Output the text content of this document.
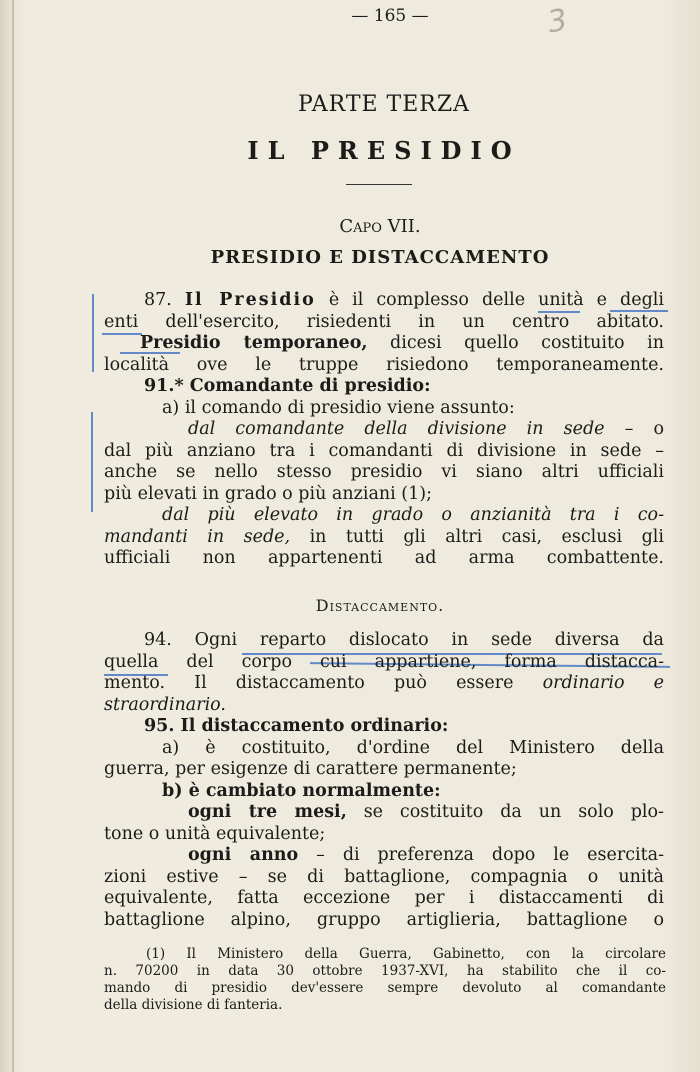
— 165 —	3
PARTE TERZA
IL PRESIDIO
Capo VII.
PRESIDIO E DISTACCAMENTO
87. Il Presidio è il complesso delle unità e degli
enti dell'esercito, risiedenti in un centro abitato.
Presidio temporaneo, dicesi quello costituito in
località ove le truppe risiedono temporaneamente.
91.* Comandante di presidio:
a) il comando di presidio viene assunto:
dal comandante della divisione in sede – o
dal più anziano tra i comandanti di divisione in sede –
anche se nello stesso presidio vi siano altri ufficiali
più elevati in grado o più anziani (1);
dal più elevato in grado o anzianità tra i co-
mandanti in sede, in tutti gli altri casi, esclusi gli
ufficiali non appartenenti ad arma combattente.
Distaccamento.
94. Ogni reparto dislocato in sede diversa da
quella del corpo cui appartiene, forma distacca-
mento. Il distaccamento può essere ordinario e
straordinario.
95. Il distaccamento ordinario:
a) è costituito, d'ordine del Ministero della
guerra, per esigenze di carattere permanente;
b) è cambiato normalmente:
ogni tre mesi, se costituito da un solo plo-
tone o unità equivalente;
ogni anno – di preferenza dopo le esercita-
zioni estive – se di battaglione, compagnia o unità
equivalente, fatta eccezione per i distaccamenti di
battaglione alpino, gruppo artiglieria, battaglione o
(1) Il Ministero della Guerra, Gabinetto, con la circolare
n. 70200 in data 30 ottobre 1937-XVI, ha stabilito che il co-
mando di presidio dev'essere sempre devoluto al comandante
della divisione di fanteria.
